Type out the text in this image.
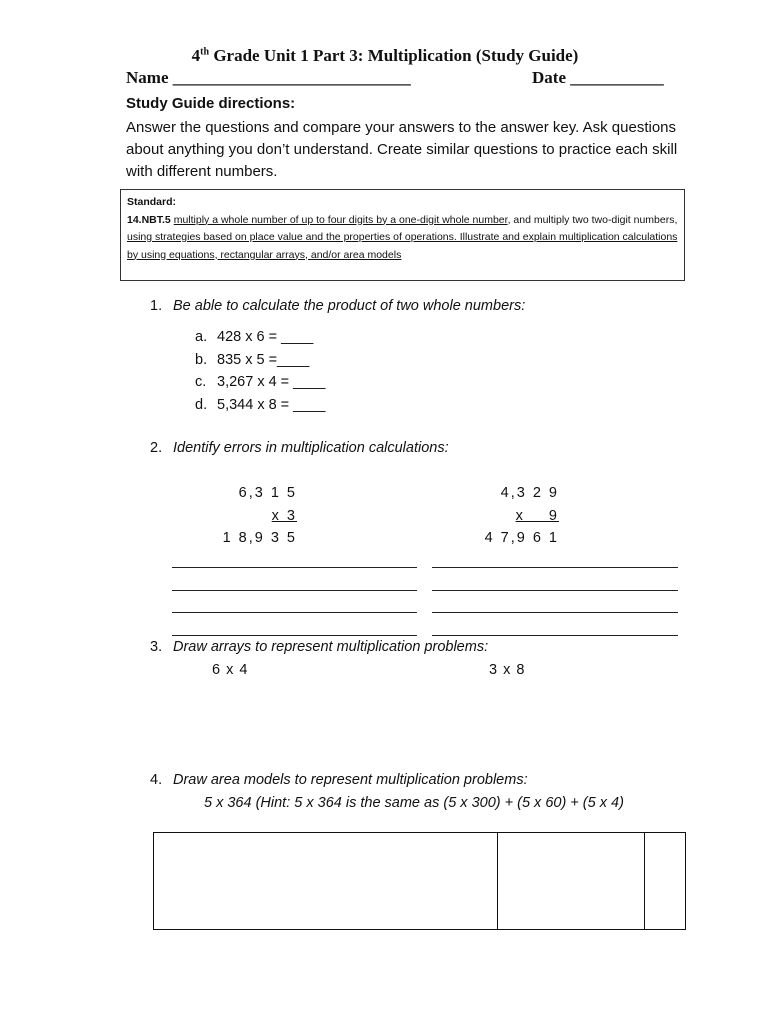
4th Grade Unit 1 Part 3: Multiplication (Study Guide)
Name ____________________________	Date ___________
Study Guide directions:
Answer the questions and compare your answers to the answer key. Ask questions about anything you don’t understand. Create similar questions to practice each skill with different numbers.
Standard:
14.NBT.5 multiply a whole number of up to four digits by a one-digit whole number, and multiply two two-digit numbers, using strategies based on place value and the properties of operations. Illustrate and explain multiplication calculations by using equations, rectangular arrays, and/or area models
1. Be able to calculate the product of two whole numbers:
a. 428 x 6 = ____
b. 835 x 5 =____
c. 3,267 x 4 = ____
d. 5,344 x 8 = ____
2. Identify errors in multiplication calculations:
6,3 1 5
x 3
1 8,9 3 5
4,3 2 9
x    9
4 7,9 6 1
3. Draw arrays to represent multiplication problems:
6 x 4	3 x 8
4. Draw area models to represent multiplication problems:
5 x 364 (Hint: 5 x 364 is the same as (5 x 300) + (5 x 60) + (5 x 4)
